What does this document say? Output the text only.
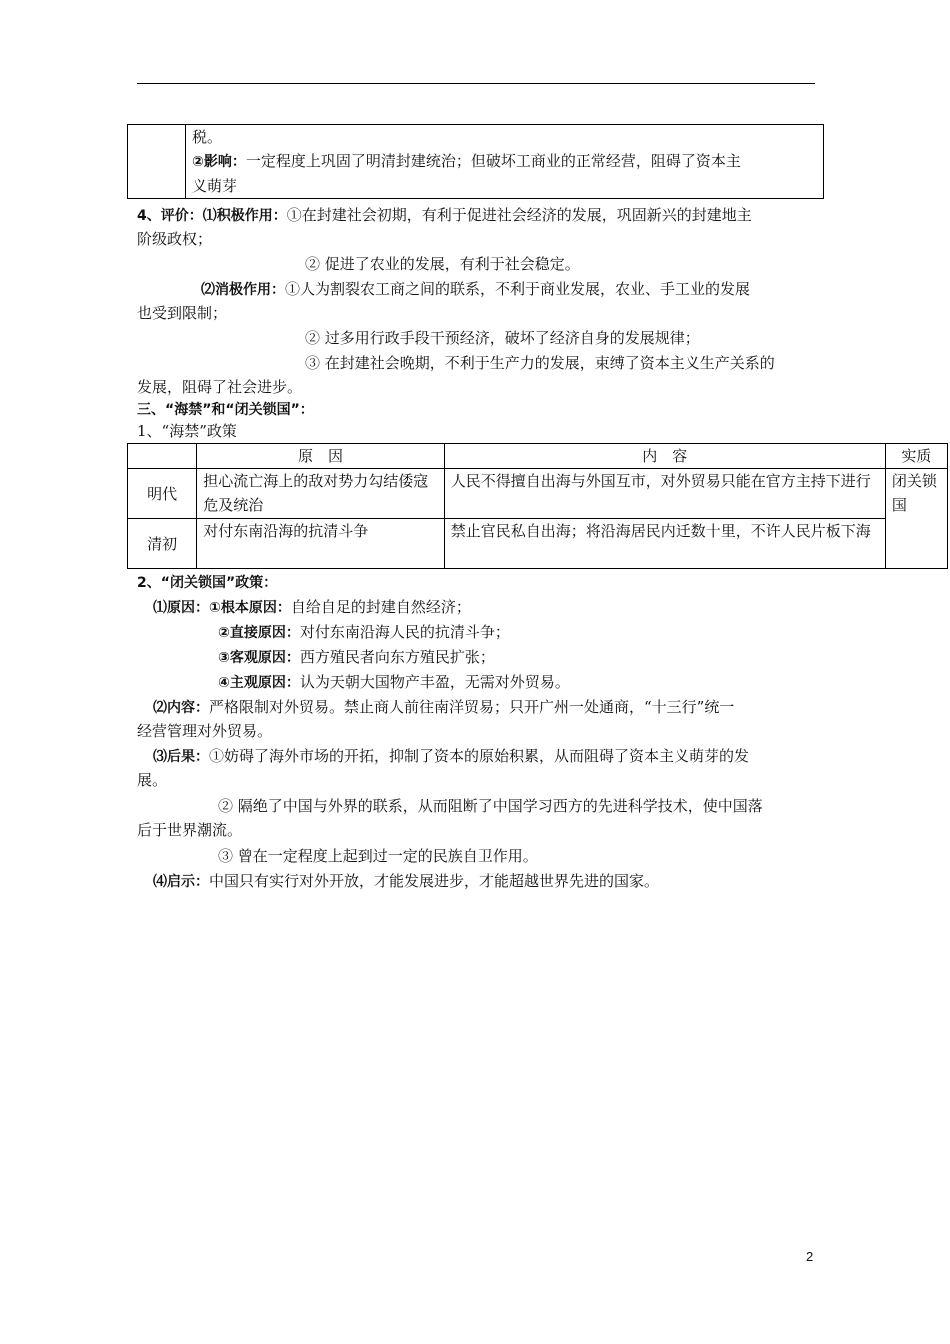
税。
②影响：一定程度上巩固了明清封建统治；但破坏工商业的正常经营，阻碍了资本主
义萌芽
4、评价：⑴积极作用：①在封建社会初期，有利于促进社会经济的发展，巩固新兴的封建地主
阶级政权；
② 促进了农业的发展，有利于社会稳定。
⑵消极作用：①人为割裂农工商之间的联系，不利于商业发展，农业、手工业的发展
也受到限制；
② 过多用行政手段干预经济，破坏了经济自身的发展规律；
③ 在封建社会晚期，不利于生产力的发展，束缚了资本主义生产关系的
发展，阻碍了社会进步。
三、“海禁”和“闭关锁国”：
1、“海禁”政策
	原　因	内　容	实质
明代	担心流亡海上的敌对势力勾结倭寇危及统治	人民不得擅自出海与外国互市，对外贸易只能在官方主持下进行	闭关锁国
清初	对付东南沿海的抗清斗争	禁止官民私自出海；将沿海居民内迁数十里，不许人民片板下海	
2、“闭关锁国”政策：
⑴原因：①根本原因：自给自足的封建自然经济；
②直接原因：对付东南沿海人民的抗清斗争；
③客观原因：西方殖民者向东方殖民扩张；
④主观原因：认为天朝大国物产丰盈，无需对外贸易。
⑵内容：严格限制对外贸易。禁止商人前往南洋贸易；只开广州一处通商，“十三行”统一
经营管理对外贸易。
⑶后果：①妨碍了海外市场的开拓，抑制了资本的原始积累，从而阻碍了资本主义萌芽的发
展。
② 隔绝了中国与外界的联系，从而阻断了中国学习西方的先进科学技术，使中国落
后于世界潮流。
③ 曾在一定程度上起到过一定的民族自卫作用。
⑷启示：中国只有实行对外开放，才能发展进步，才能超越世界先进的国家。
2
